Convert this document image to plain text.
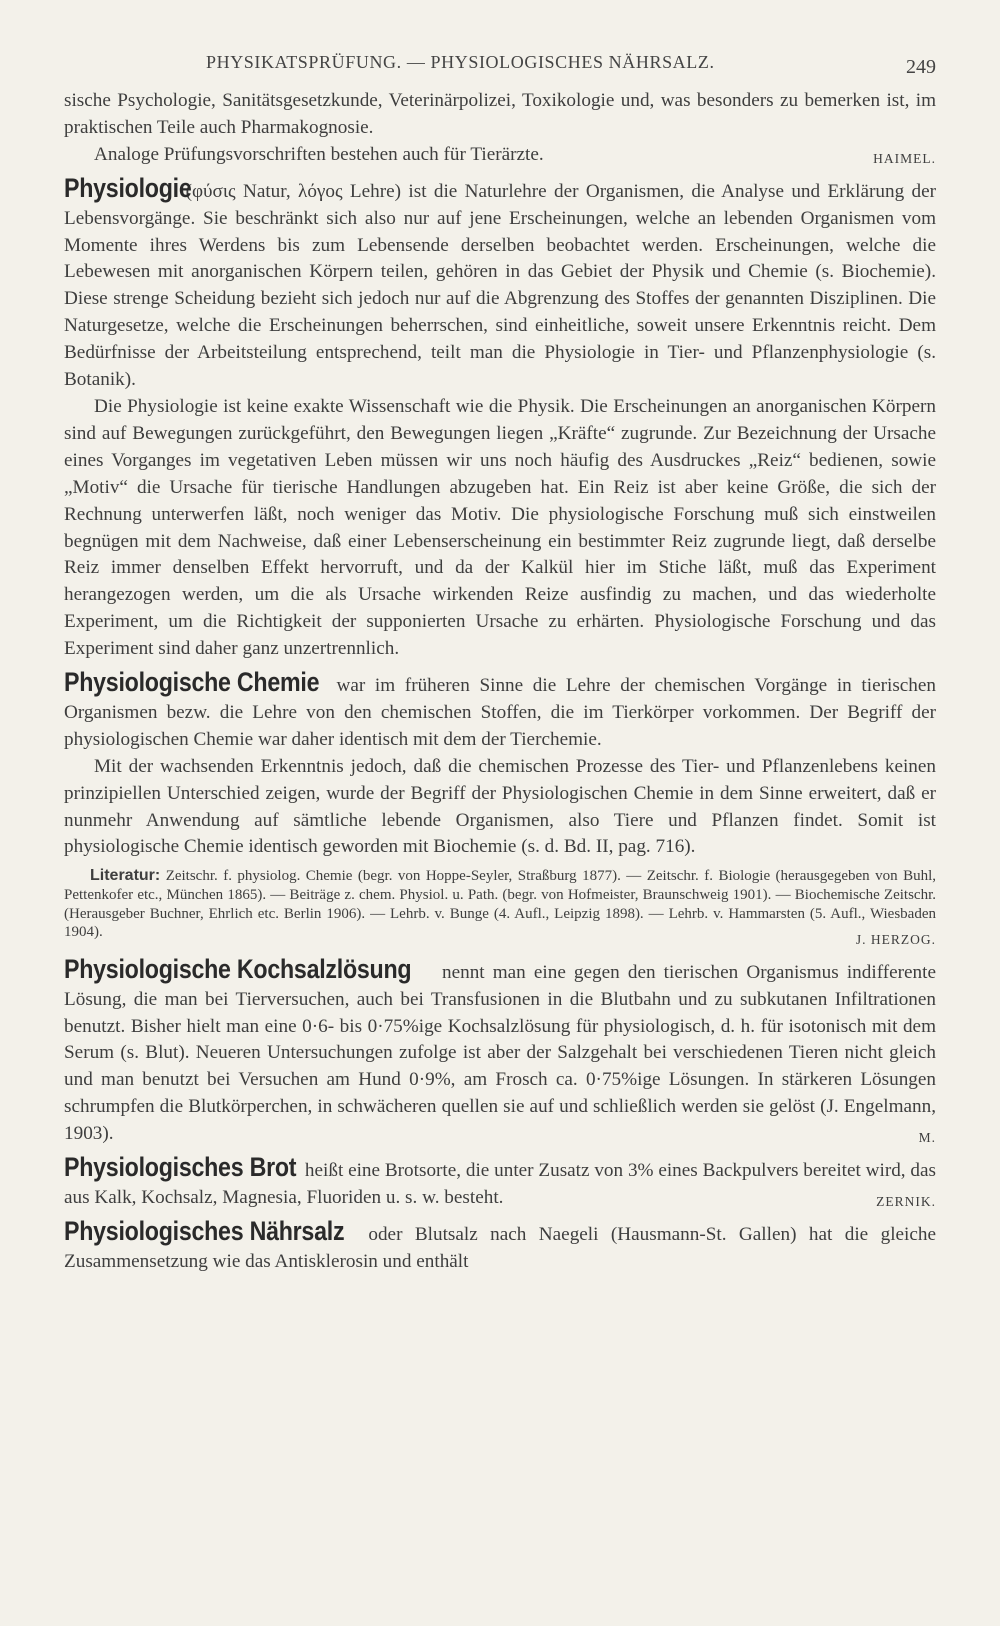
PHYSIKATSPRÜFUNG. — PHYSIOLOGISCHES NÄHRSALZ.	249

sische Psychologie, Sanitätsgesetzkunde, Veterinärpolizei, Toxikologie und, was besonders zu bemerken ist, im praktischen Teile auch Pharmakognosie.

Analoge Prüfungsvorschriften bestehen auch für Tierärzte.	HAIMEL.

Physiologie (φύσις Natur, λόγος Lehre) ist die Naturlehre der Organismen, die Analyse und Erklärung der Lebensvorgänge. Sie beschränkt sich also nur auf jene Erscheinungen, welche an lebenden Organismen vom Momente ihres Werdens bis zum Lebensende derselben beobachtet werden. Erscheinungen, welche die Lebewesen mit anorganischen Körpern teilen, gehören in das Gebiet der Physik und Chemie (s. Biochemie). Diese strenge Scheidung bezieht sich jedoch nur auf die Abgrenzung des Stoffes der genannten Disziplinen. Die Naturgesetze, welche die Erscheinungen beherrschen, sind einheitliche, soweit unsere Erkenntnis reicht. Dem Bedürfnisse der Arbeitsteilung entsprechend, teilt man die Physiologie in Tier- und Pflanzenphysiologie (s. Botanik).

Die Physiologie ist keine exakte Wissenschaft wie die Physik. Die Erscheinungen an anorganischen Körpern sind auf Bewegungen zurückgeführt, den Bewegungen liegen „Kräfte“ zugrunde. Zur Bezeichnung der Ursache eines Vorganges im vegetativen Leben müssen wir uns noch häufig des Ausdruckes „Reiz“ bedienen, sowie „Motiv“ die Ursache für tierische Handlungen abzugeben hat. Ein Reiz ist aber keine Größe, die sich der Rechnung unterwerfen läßt, noch weniger das Motiv. Die physiologische Forschung muß sich einstweilen begnügen mit dem Nachweise, daß einer Lebenserscheinung ein bestimmter Reiz zugrunde liegt, daß derselbe Reiz immer denselben Effekt hervorruft, und da der Kalkül hier im Stiche läßt, muß das Experiment herangezogen werden, um die als Ursache wirkenden Reize ausfindig zu machen, und das wiederholte Experiment, um die Richtigkeit der supponierten Ursache zu erhärten. Physiologische Forschung und das Experiment sind daher ganz unzertrennlich.

Physiologische Chemie war im früheren Sinne die Lehre der chemischen Vorgänge in tierischen Organismen bezw. die Lehre von den chemischen Stoffen, die im Tierkörper vorkommen. Der Begriff der physiologischen Chemie war daher identisch mit dem der Tierchemie.

Mit der wachsenden Erkenntnis jedoch, daß die chemischen Prozesse des Tier- und Pflanzenlebens keinen prinzipiellen Unterschied zeigen, wurde der Begriff der Physiologischen Chemie in dem Sinne erweitert, daß er nunmehr Anwendung auf sämtliche lebende Organismen, also Tiere und Pflanzen findet. Somit ist physiologische Chemie identisch geworden mit Biochemie (s. d. Bd. II, pag. 716).

Literatur: Zeitschr. f. physiolog. Chemie (begr. von Hoppe-Seyler, Straßburg 1877). — Zeitschr. f. Biologie (herausgegeben von Buhl, Pettenkofer etc., München 1865). — Beiträge z. chem. Physiol. u. Path. (begr. von Hofmeister, Braunschweig 1901). — Biochemische Zeitschr. (Herausgeber Buchner, Ehrlich etc. Berlin 1906). — Lehrb. v. Bunge (4. Aufl., Leipzig 1898). — Lehrb. v. Hammarsten (5. Aufl., Wiesbaden 1904).	J. HERZOG.

Physiologische Kochsalzlösung nennt man eine gegen den tierischen Organismus indifferente Lösung, die man bei Tierversuchen, auch bei Transfusionen in die Blutbahn und zu subkutanen Infiltrationen benutzt. Bisher hielt man eine 0·6- bis 0·75%ige Kochsalzlösung für physiologisch, d. h. für isotonisch mit dem Serum (s. Blut). Neueren Untersuchungen zufolge ist aber der Salzgehalt bei verschiedenen Tieren nicht gleich und man benutzt bei Versuchen am Hund 0·9%, am Frosch ca. 0·75%ige Lösungen. In stärkeren Lösungen schrumpfen die Blutkörperchen, in schwächeren quellen sie auf und schließlich werden sie gelöst (J. Engelmann, 1903).	M.

Physiologisches Brot heißt eine Brotsorte, die unter Zusatz von 3% eines Backpulvers bereitet wird, das aus Kalk, Kochsalz, Magnesia, Fluoriden u. s. w. besteht.	ZERNIK.

Physiologisches Nährsalz oder Blutsalz nach Naegeli (Hausmann-St. Gallen) hat die gleiche Zusammensetzung wie das Antisklerosin und enthält
